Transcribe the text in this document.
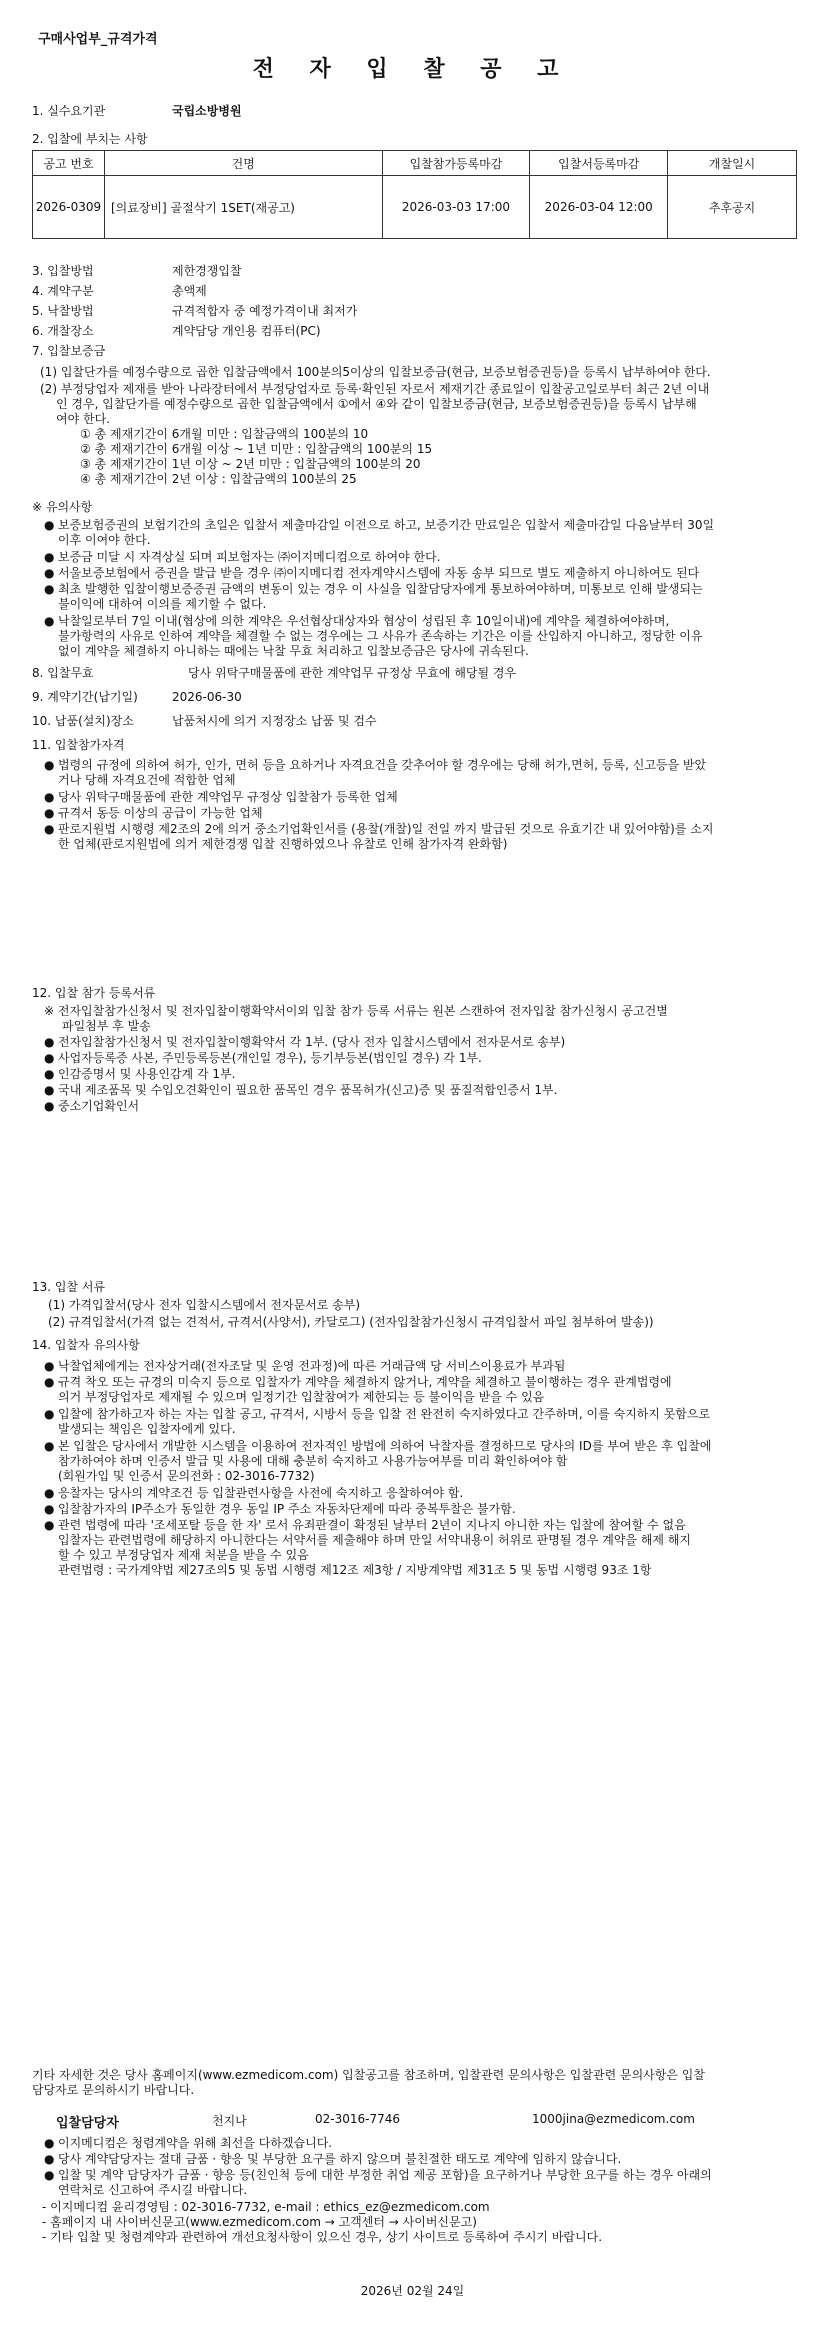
구매사업부_규격가격
전 자 입 찰 공 고
1. 실수요기관	국립소방병원
2. 입찰에 부치는 사항
공고 번호	건명	입찰참가등록마감	입찰서등록마감	개찰일시
2026-0309	[의료장비] 골절삭기 1SET(재공고)	2026-03-03 17:00	2026-03-04 12:00	추후공지
3. 입찰방법	제한경쟁입찰
4. 계약구분	총액제
5. 낙찰방법	규격적합자 중 예정가격이내 최저가
6. 개찰장소	계약담당 개인용 컴퓨터(PC)
7. 입찰보증금
(1) 입찰단가를 예정수량으로 곱한 입찰금액에서 100분의5이상의 입찰보증금(현금, 보증보험증권등)을 등록시 납부하여야 한다.
(2) 부정당업자 제재를 받아 나라장터에서 부정당업자로 등록·확인된 자로서 제재기간 종료일이 입찰공고일로부터 최근 2년 이내
인 경우, 입찰단가를 예정수량으로 곱한 입찰금액에서 ①에서 ④와 같이 입찰보증금(현금, 보증보험증권등)을 등록시 납부해
여야 한다.
① 총 제재기간이 6개월 미만 : 입찰금액의 100분의 10
② 총 제재기간이 6개월 이상 ~ 1년 미만 : 입찰금액의 100분의 15
③ 총 제재기간이 1년 이상 ~ 2년 미만 : 입찰금액의 100분의 20
④ 총 제재기간이 2년 이상 : 입찰금액의 100분의 25
※ 유의사항
● 보증보험증권의 보험기간의 초일은 입찰서 제출마감일 이전으로 하고, 보증기간 만료일은 입찰서 제출마감일 다음날부터 30일
이후 이여야 한다.
● 보증금 미달 시 자격상실 되며 피보험자는 ㈜이지메디컴으로 하여야 한다.
● 서울보증보험에서 증권을 발급 받을 경우 ㈜이지메디컴 전자계약시스템에 자동 송부 되므로 별도 제출하지 아니하여도 된다
● 최초 발행한 입찰이행보증증권 금액의 변동이 있는 경우 이 사실을 입찰담당자에게 통보하여야하며, 미통보로 인해 발생되는
불이익에 대하여 이의를 제기할 수 없다.
● 낙찰일로부터 7일 이내(협상에 의한 계약은 우선협상대상자와 협상이 성립된 후 10일이내)에 계약을 체결하여야하며,
불가항력의 사유로 인하여 계약을 체결할 수 없는 경우에는 그 사유가 존속하는 기간은 이를 산입하지 아니하고, 정당한 이유
없이 계약을 체결하지 아니하는 때에는 낙찰 무효 처리하고 입찰보증금은 당사에 귀속된다.
8. 입찰무효	당사 위탁구매물품에 관한 계약업무 규정상 무효에 해당될 경우
9. 계약기간(납기일)	2026-06-30
10. 납품(설치)장소	납품처시에 의거 지정장소 납품 및 검수
11. 입찰참가자격
● 법령의 규정에 의하여 허가, 인가, 면허 등을 요하거나 자격요건을 갖추어야 할 경우에는 당해 허가,면허, 등록, 신고등을 받았
거나 당해 자격요건에 적합한 업체
● 당사 위탁구매물품에 관한 계약업무 규정상 입찰참가 등록한 업체
● 규격서 동등 이상의 공급이 가능한 업체
● 판로지원법 시행령 제2조의 2에 의거 중소기업확인서를 (용찰(개찰)일 전일 까지 발급된 것으로 유효기간 내 있어야함)를 소지
한 업체(판로지원법에 의거 제한경쟁 입찰 진행하였으나 유찰로 인해 참가자격 완화함)
12. 입찰 참가 등록서류
※ 전자입찰참가신청서 및 전자입찰이행확약서이외 입찰 참가 등록 서류는 원본 스캔하여 전자입찰 참가신청시 공고건별
파일첨부 후 발송
● 전자입찰참가신청서 및 전자입찰이행확약서 각 1부. (당사 전자 입찰시스템에서 전자문서로 송부)
● 사업자등록증 사본, 주민등록등본(개인일 경우), 등기부등본(법인일 경우) 각 1부.
● 인감증명서 및 사용인감계 각 1부.
● 국내 제조품목 및 수입오견확인이 필요한 품목인 경우 품목허가(신고)증 및 품질적합인증서 1부.
● 중소기업확인서
13. 입찰 서류
(1) 가격입찰서(당사 전자 입찰시스템에서 전자문서로 송부)
(2) 규격입찰서(가격 없는 견적서, 규격서(사양서), 카달로그) (전자입찰참가신청시 규격입찰서 파일 첨부하여 발송))
14. 입찰자 유의사항
● 낙찰업체에게는 전자상거래(전자조달 및 운영 전과정)에 따른 거래금액 당 서비스이용료가 부과됨
● 규격 착오 또는 규경의 미숙지 등으로 입찰자가 계약을 체결하지 않거나, 계약을 체결하고 불이행하는 경우 관계법령에
의거 부정당업자로 제재될 수 있으며 일정기간 입찰참여가 제한되는 등 불이익을 받을 수 있음
● 입찰에 참가하고자 하는 자는 입찰 공고, 규격서, 시방서 등을 입찰 전 완전히 숙지하였다고 간주하며, 이를 숙지하지 못함으로
발생되는 책임은 입찰자에게 있다.
● 본 입찰은 당사에서 개발한 시스템을 이용하여 전자적인 방법에 의하여 낙찰자를 결정하므로 당사의 ID를 부여 받은 후 입찰에
참가하여야 하며 인증서 발급 및 사용에 대해 충분히 숙지하고 사용가능여부를 미리 확인하여야 함
(회원가입 및 인증서 문의전화 : 02-3016-7732)
● 응찰자는 당사의 계약조건 등 입찰관련사항을 사전에 숙지하고 응찰하여야 함.
● 입찰참가자의 IP주소가 동일한 경우 동일 IP 주소 자동차단제에 따라 중복투찰은 불가함.
● 관련 법령에 따라 '조세포탈 등을 한 자' 로서 유죄판결이 확정된 날부터 2년이 지나지 아니한 자는 입찰에 참여할 수 없음
입찰자는 관련법령에 해당하지 아니한다는 서약서를 제출해야 하며 만일 서약내용이 허위로 판명될 경우 계약을 해제 해지
할 수 있고 부정당업자 제재 처분을 받을 수 있음
관련법령 : 국가계약법 제27조의5 및 동법 시행령 제12조 제3항 / 지방계약법 제31조 5 및 동법 시행령 93조 1항
기타 자세한 것은 당사 홈페이지(www.ezmedicom.com) 입찰공고를 참조하며, 입찰관련 문의사항은 입찰관련 문의사항은 입찰
담당자로 문의하시기 바랍니다.
입찰담당자	천지나	02-3016-7746	1000jina@ezmedicom.com
● 이지메디컴은 청렴계약을 위해 최선을 다하겠습니다.
● 당사 계약담당자는 절대 금품 · 향응 및 부당한 요구를 하지 않으며 불친절한 태도로 계약에 임하지 않습니다.
● 입찰 및 계약 담당자가 금품 · 향응 등(친인척 등에 대한 부정한 취업 제공 포함)을 요구하거나 부당한 요구를 하는 경우 아래의
연락처로 신고하여 주시길 바랍니다.
- 이지메디컴 윤리경영팀 : 02-3016-7732, e-mail : ethics_ez@ezmedicom.com
- 홈페이지 내 사이버신문고(www.ezmedicom.com → 고객센터 → 사이버신문고)
- 기타 입찰 및 청렴계약과 관련하여 개선요청사항이 있으신 경우, 상기 사이트로 등록하여 주시기 바랍니다.
2026년 02월 24일
